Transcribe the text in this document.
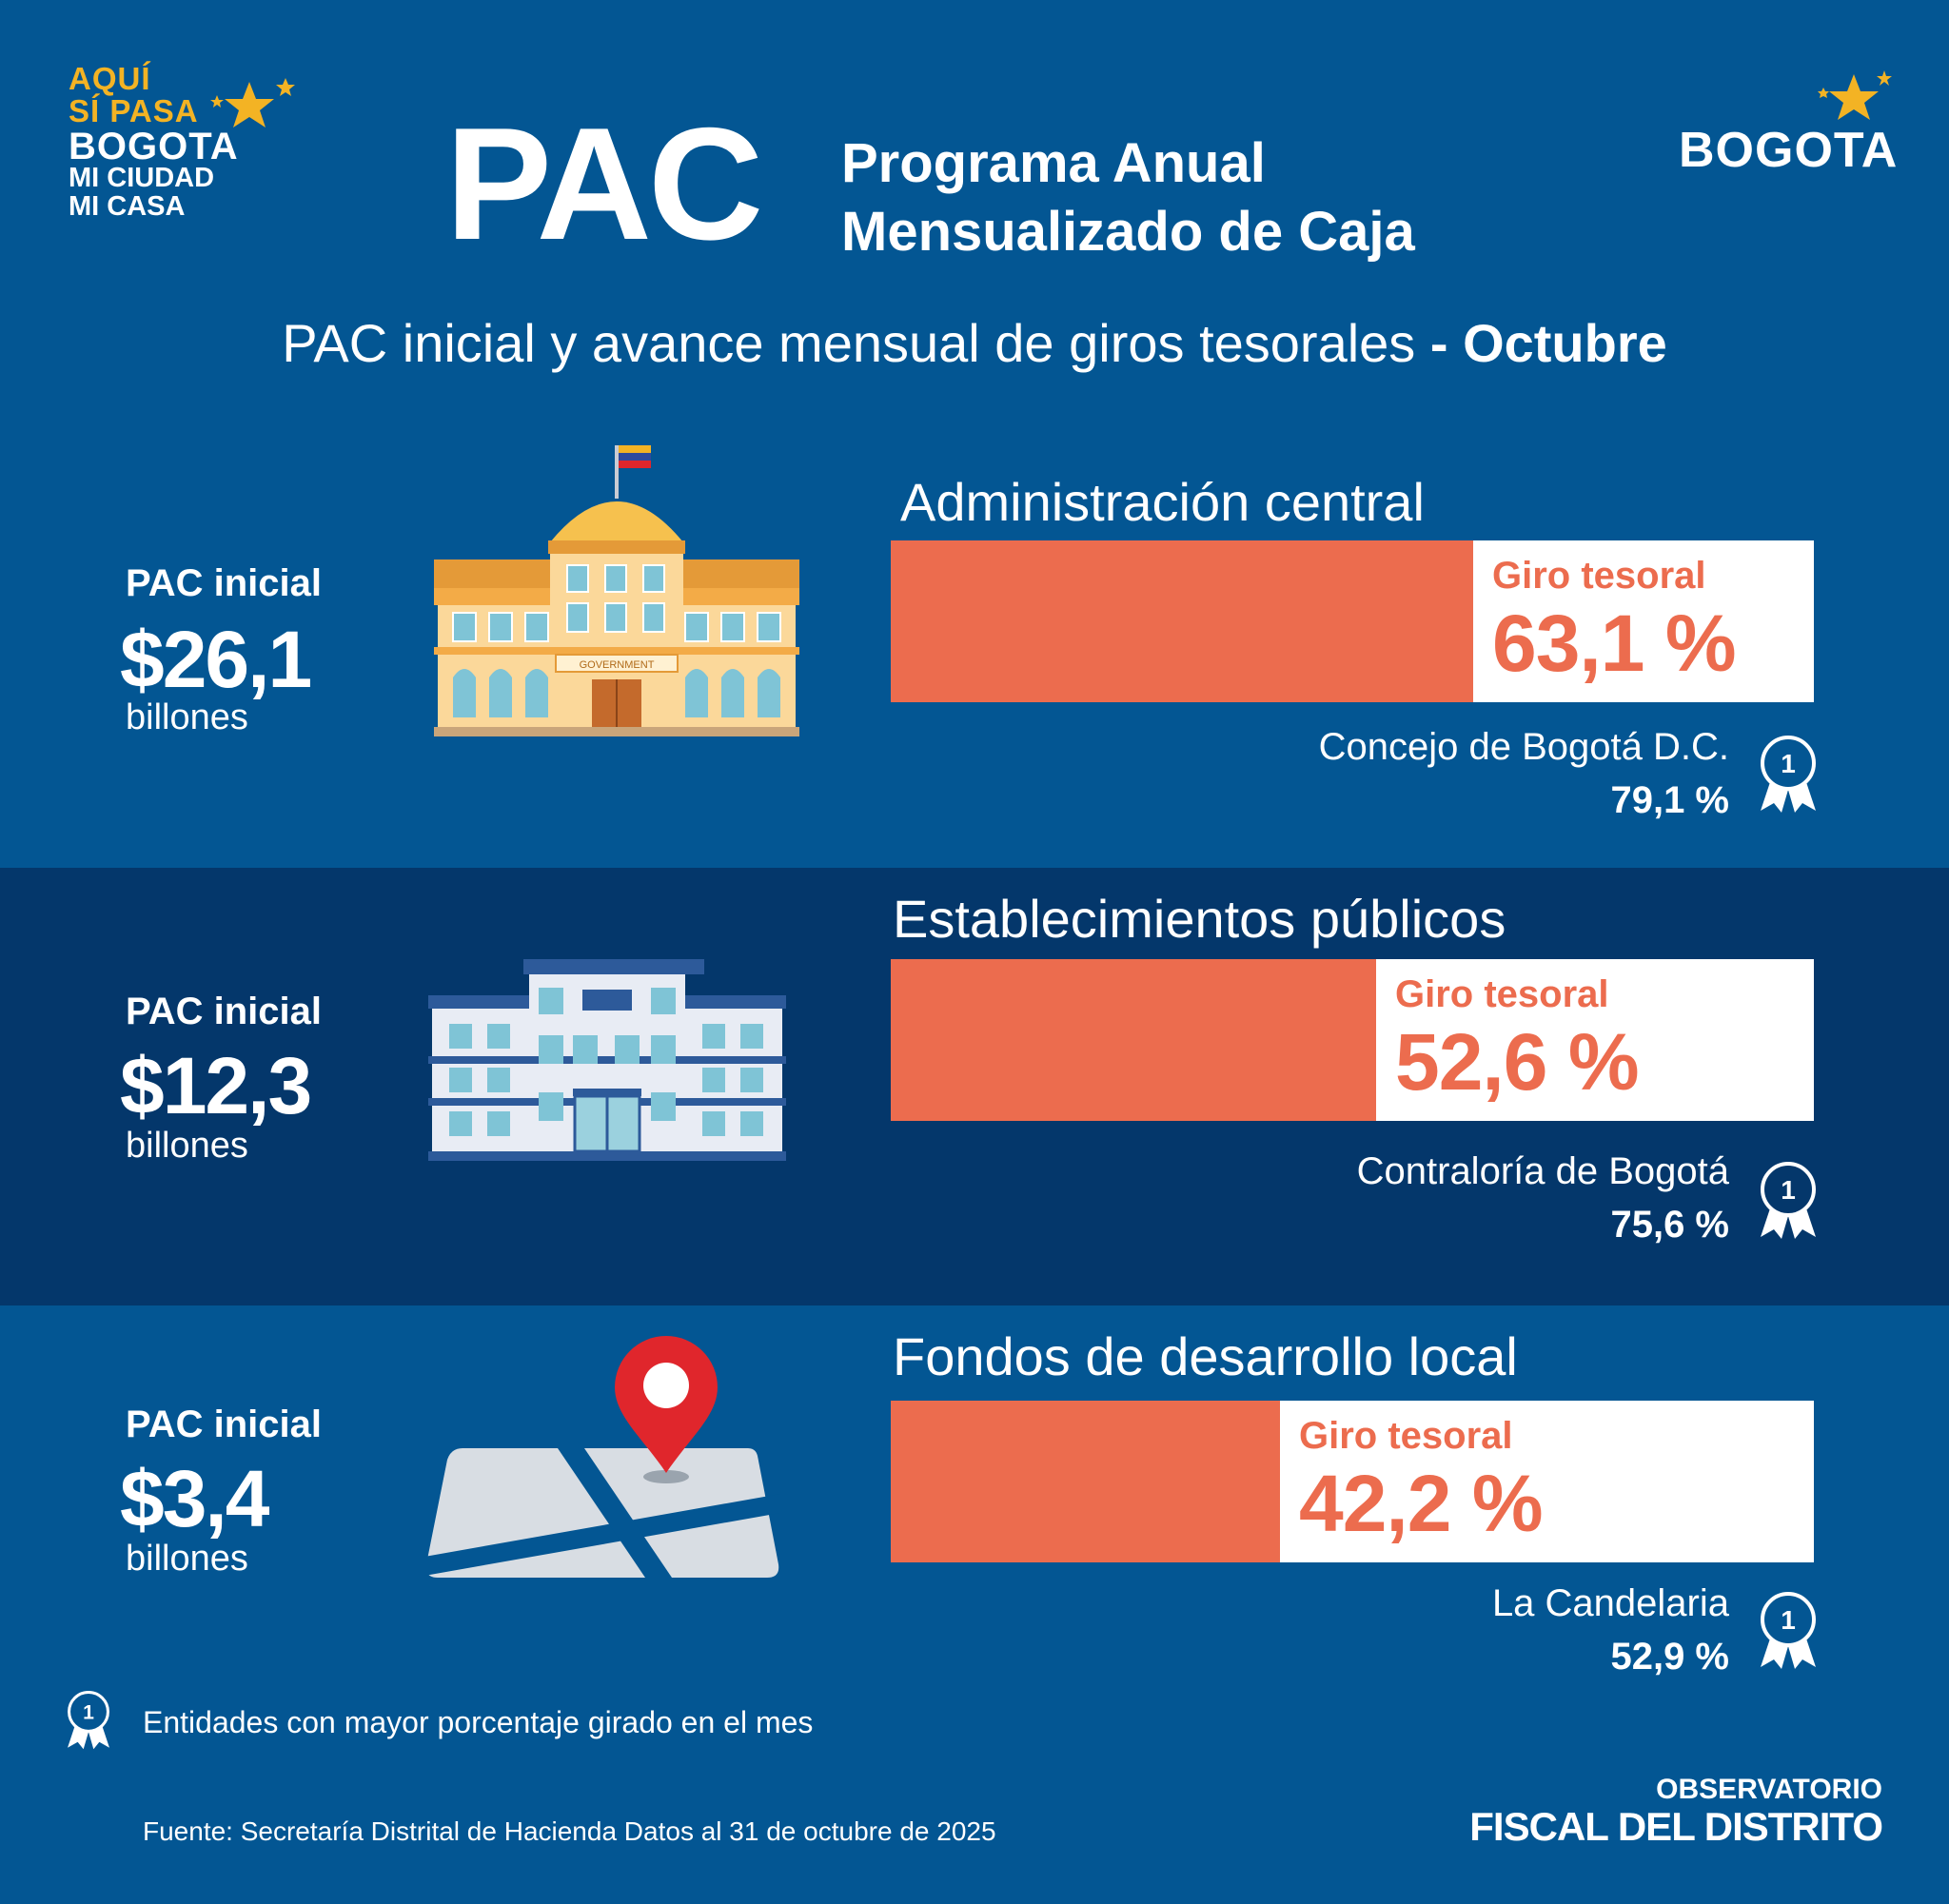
AQUÍ
SÍ PASA
BOGOTA
MI CIUDAD
MI CASA
BOGOTA
PAC Programa Anual
Mensualizado de Caja
PAC inicial y avance mensual de giros tesorales - Octubre
PAC inicial
$26,1
billones
GOVERNMENT
Administración central
Giro tesoral
63,1 %
Concejo de Bogotá D.C.
79,1 %
1
PAC inicial
$12,3
billones
Establecimientos públicos
Giro tesoral
52,6 %
Contraloría de Bogotá
75,6 %
1
PAC inicial
$3,4
billones
Fondos de desarrollo local
Giro tesoral
42,2 %
La Candelaria
52,9 %
1
1 Entidades con mayor porcentaje girado en el mes
Fuente: Secretaría Distrital de Hacienda Datos al 31 de octubre de 2025
OBSERVATORIO
FISCAL DEL DISTRITO
